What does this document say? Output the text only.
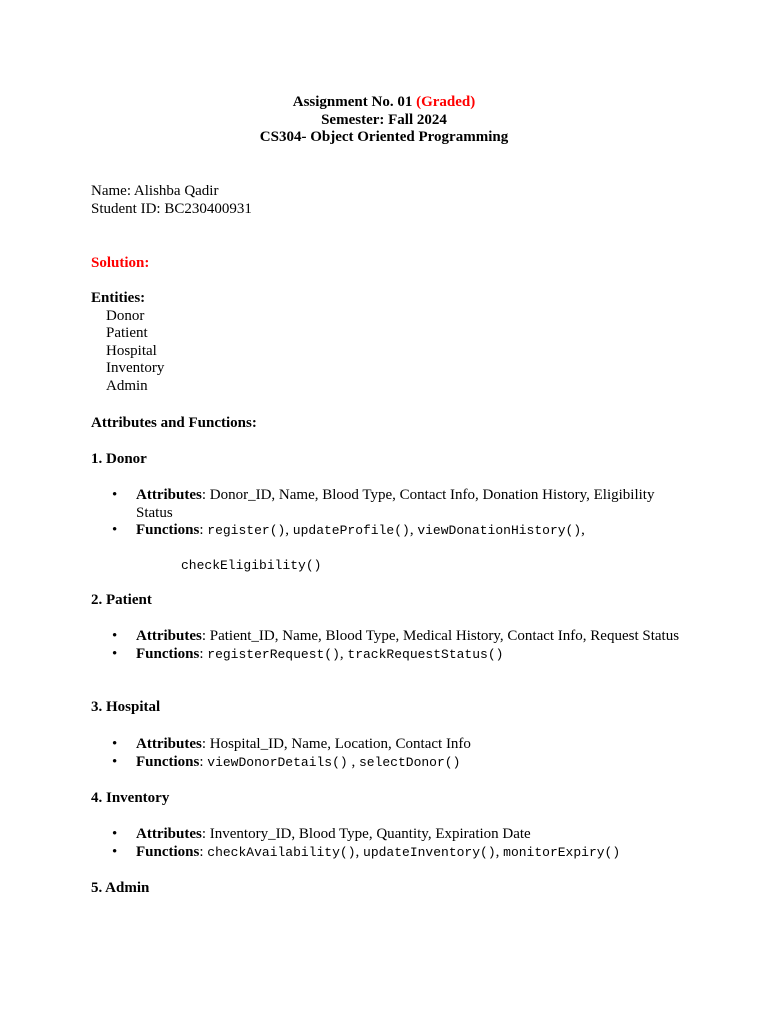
Assignment No. 01 (Graded)
Semester: Fall 2024
CS304- Object Oriented Programming
Name: Alishba Qadir
Student ID: BC230400931
Solution:
Entities:
Donor
Patient
Hospital
Inventory
Admin
Attributes and Functions:
1. Donor
• Attributes: Donor_ID, Name, Blood Type, Contact Info, Donation History, Eligibility Status
• Functions: register(), updateProfile(), viewDonationHistory(),
checkEligibility()
2. Patient
• Attributes: Patient_ID, Name, Blood Type, Medical History, Contact Info, Request Status
• Functions: registerRequest(), trackRequestStatus()
3. Hospital
• Attributes: Hospital_ID, Name, Location, Contact Info
• Functions: viewDonorDetails() , selectDonor()
4. Inventory
• Attributes: Inventory_ID, Blood Type, Quantity, Expiration Date
• Functions: checkAvailability(), updateInventory(), monitorExpiry()
5. Admin
